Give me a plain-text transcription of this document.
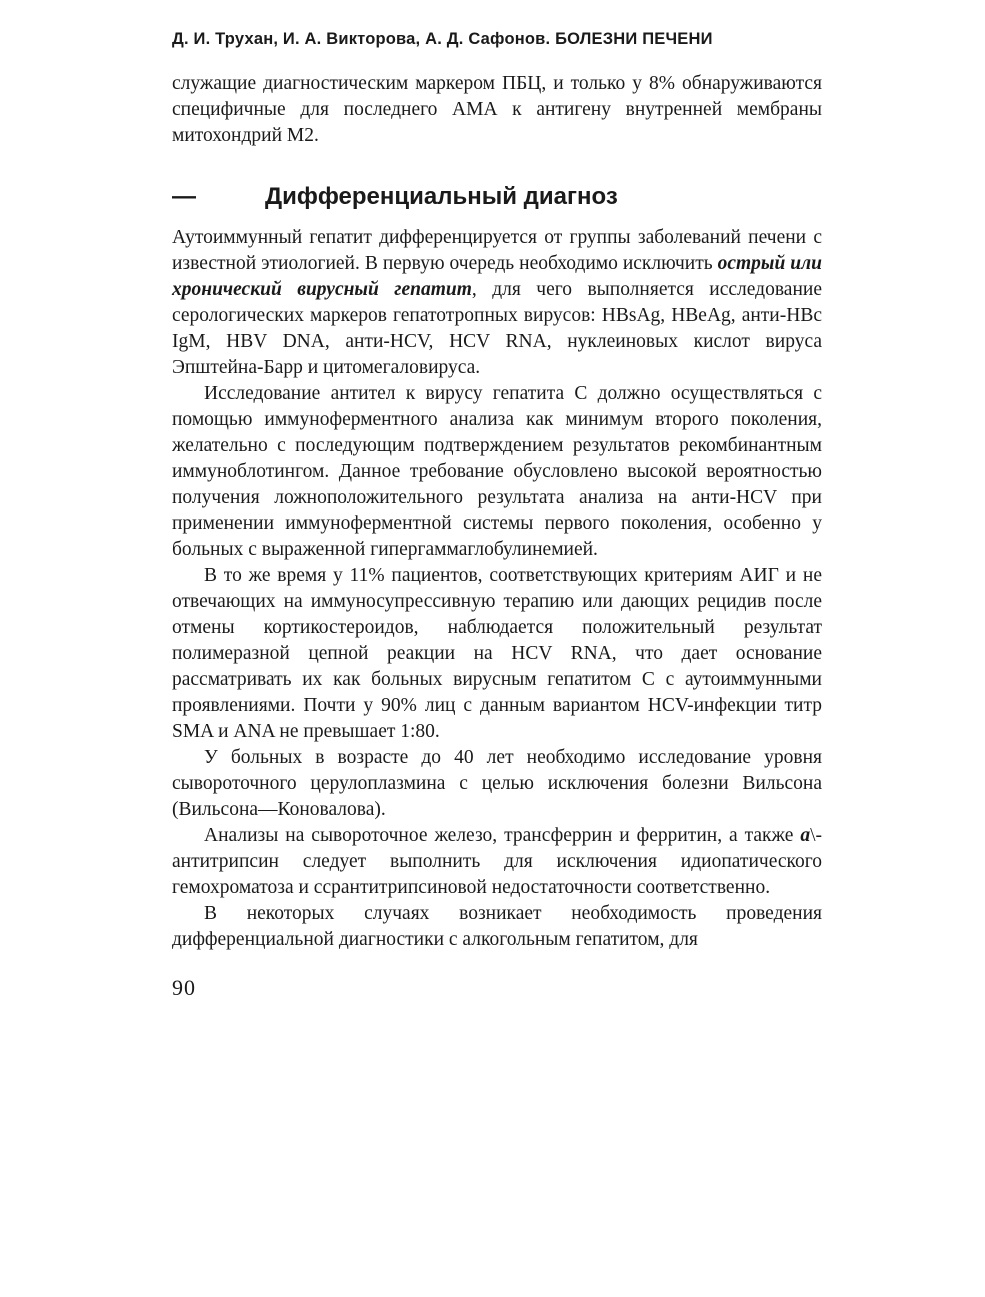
Д. И. Трухан, И. А. Викторова, А. Д. Сафонов. БОЛЕЗНИ ПЕЧЕНИ

служащие диагностическим маркером ПБЦ, и только у 8% обнаруживаются специфичные для последнего АМА к антигену внутренней мембраны митохондрий М2.

—	Дифференциальный диагноз

Аутоиммунный гепатит дифференцируется от группы заболеваний печени с известной этиологией. В первую очередь необходимо исключить острый или хронический вирусный гепатит, для чего выполняется исследование серологических маркеров гепатотропных вирусов: HBsAg, HBeAg, анти-HBc IgM, HBV DNA, анти-HCV, HCV RNA, нуклеиновых кислот вируса Эпштейна-Барр и цитомегаловируса.

Исследование антител к вирусу гепатита С должно осуществляться с помощью иммуноферментного анализа как минимум второго поколения, желательно с последующим подтверждением результатов рекомбинантным иммуноблотингом. Данное требование обусловлено высокой вероятностью получения ложноположительного результата анализа на анти-HCV при применении иммуноферментной системы первого поколения, особенно у больных с выраженной гипергаммаглобулинемией.

В то же время у 11% пациентов, соответствующих критериям АИГ и не отвечающих на иммуносупрессивную терапию или дающих рецидив после отмены кортикостероидов, наблюдается положительный результат полимеразной цепной реакции на HCV RNA, что дает основание рассматривать их как больных вирусным гепатитом С с аутоиммунными проявлениями. Почти у 90% лиц с данным вариантом HCV-инфекции титр SMA и ANA не превышает 1:80.

У больных в возрасте до 40 лет необходимо исследование уровня сывороточного церулоплазмина с целью исключения болезни Вильсона (Вильсона—Коновалова).

Анализы на сывороточное железо, трансферрин и ферритин, а также a\-антитрипсин следует выполнить для исключения идиопатического гемохроматоза и ссрантитрипсиновой недостаточности соответственно.

В некоторых случаях возникает необходимость проведения дифференциальной диагностики с алкогольным гепатитом, для

90
